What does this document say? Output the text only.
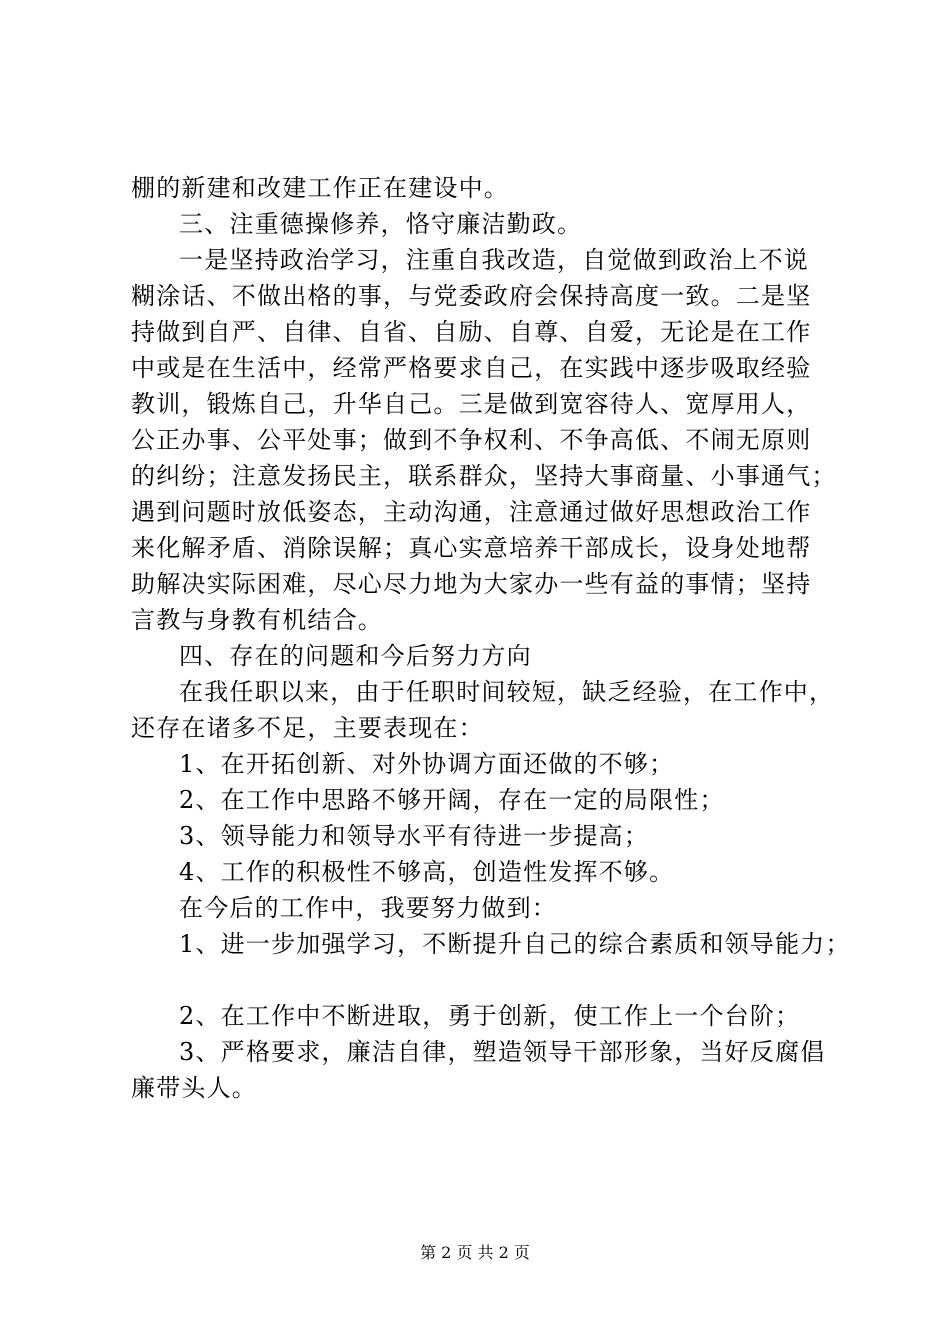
棚的新建和改建工作正在建设中。
三、注重德操修养，恪守廉洁勤政。
一是坚持政治学习，注重自我改造，自觉做到政治上不说
糊涂话、不做出格的事，与党委政府会保持高度一致。二是坚
持做到自严、自律、自省、自励、自尊、自爱，无论是在工作
中或是在生活中，经常严格要求自己，在实践中逐步吸取经验
教训，锻炼自己，升华自己。三是做到宽容待人、宽厚用人，
公正办事、公平处事；做到不争权利、不争高低、不闹无原则
的纠纷；注意发扬民主，联系群众，坚持大事商量、小事通气；
遇到问题时放低姿态，主动沟通，注意通过做好思想政治工作
来化解矛盾、消除误解；真心实意培养干部成长，设身处地帮
助解决实际困难，尽心尽力地为大家办一些有益的事情；坚持
言教与身教有机结合。
四、存在的问题和今后努力方向
在我任职以来，由于任职时间较短，缺乏经验，在工作中，
还存在诸多不足，主要表现在：
1、在开拓创新、对外协调方面还做的不够；
2、在工作中思路不够开阔，存在一定的局限性；
3、领导能力和领导水平有待进一步提高；
4、工作的积极性不够高，创造性发挥不够。
在今后的工作中，我要努力做到：
1、进一步加强学习，不断提升自己的综合素质和领导能力；
2、在工作中不断进取，勇于创新，使工作上一个台阶；
3、严格要求，廉洁自律，塑造领导干部形象，当好反腐倡
廉带头人。
第 2 页 共 2 页
